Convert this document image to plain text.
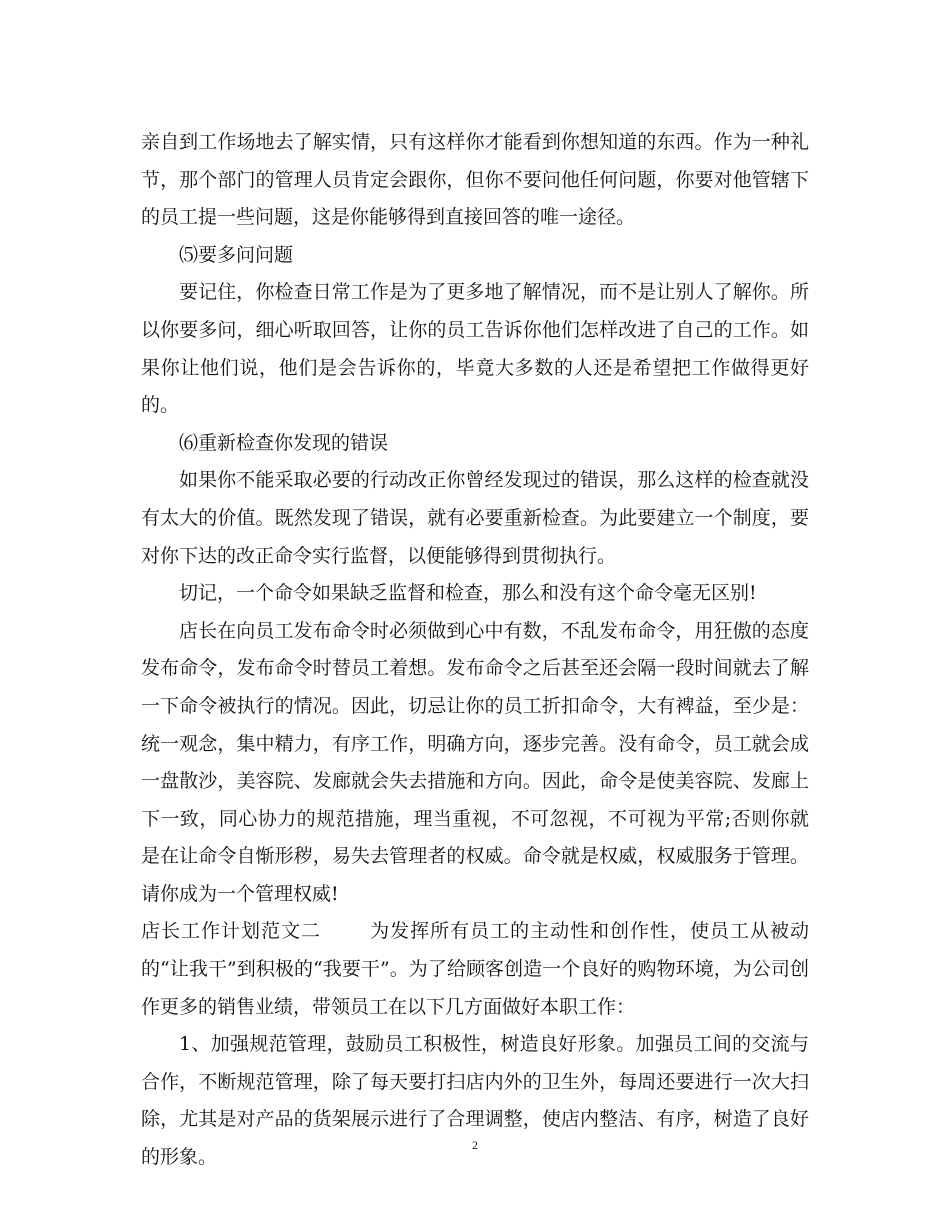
亲自到工作场地去了解实情，只有这样你才能看到你想知道的东西。作为一种礼节，那个部门的管理人员肯定会跟你，但你不要问他任何问题，你要对他管辖下的员工提一些问题，这是你能够得到直接回答的唯一途径。

⑸要多问问题

要记住，你检查日常工作是为了更多地了解情况，而不是让别人了解你。所以你要多问，细心听取回答，让你的员工告诉你他们怎样改进了自己的工作。如果你让他们说，他们是会告诉你的，毕竟大多数的人还是希望把工作做得更好的。

⑹重新检查你发现的错误

如果你不能采取必要的行动改正你曾经发现过的错误，那么这样的检查就没有太大的价值。既然发现了错误，就有必要重新检查。为此要建立一个制度，要对你下达的改正命令实行监督，以便能够得到贯彻执行。

切记，一个命令如果缺乏监督和检查，那么和没有这个命令毫无区别!

店长在向员工发布命令时必须做到心中有数，不乱发布命令，用狂傲的态度发布命令，发布命令时替员工着想。发布命令之后甚至还会隔一段时间就去了解一下命令被执行的情况。因此，切忌让你的员工折扣命令，大有裨益，至少是：统一观念，集中精力，有序工作，明确方向，逐步完善。没有命令，员工就会成一盘散沙，美容院、发廊就会失去措施和方向。因此，命令是使美容院、发廊上下一致，同心协力的规范措施，理当重视，不可忽视，不可视为平常;否则你就是在让命令自惭形秽，易失去管理者的权威。命令就是权威，权威服务于管理。请你成为一个管理权威!

店长工作计划范文二	为发挥所有员工的主动性和创作性，使员工从被动的“让我干”到积极的“我要干”。为了给顾客创造一个良好的购物环境，为公司创作更多的销售业绩，带领员工在以下几方面做好本职工作：

1、加强规范管理，鼓励员工积极性，树造良好形象。加强员工间的交流与合作，不断规范管理，除了每天要打扫店内外的卫生外，每周还要进行一次大扫除，尤其是对产品的货架展示进行了合理调整，使店内整洁、有序，树造了良好的形象。

2
